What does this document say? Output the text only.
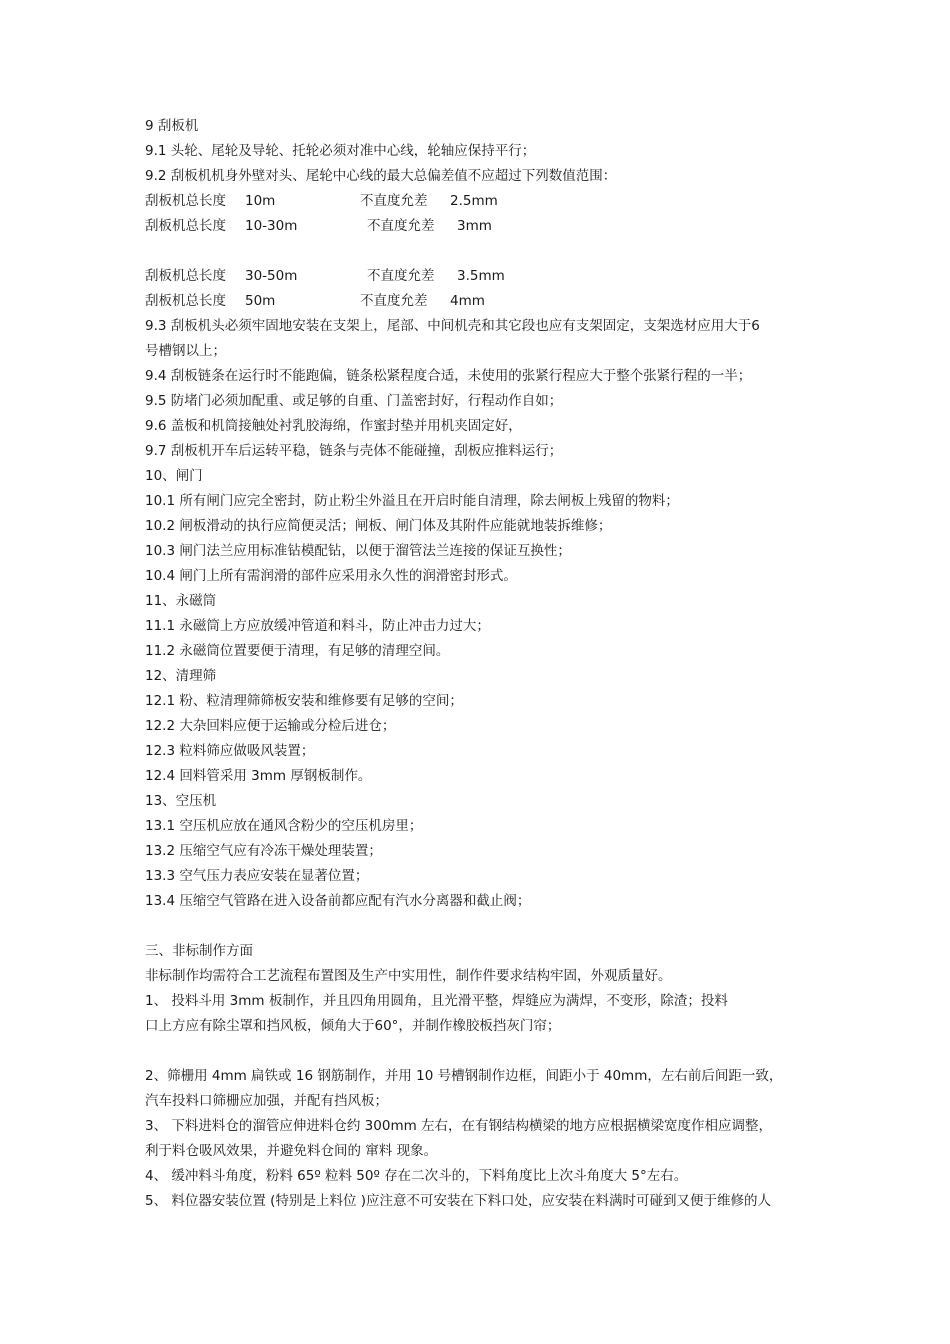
9 刮板机
9.1 头轮、尾轮及导轮、托轮必须对准中心线，轮轴应保持平行；
9.2 刮板机机身外壁对头、尾轮中心线的最大总偏差值不应超过下列数值范围：
刮板机总长度	10m	不直度允差	2.5mm
刮板机总长度	10-30m	不直度允差	3mm
刮板机总长度	30-50m	不直度允差	3.5mm
刮板机总长度	50m	不直度允差	4mm
9.3 刮板机头必须牢固地安装在支架上，尾部、中间机壳和其它段也应有支架固定，支架选材应用大于6
号槽钢以上；
9.4 刮板链条在运行时不能跑偏，链条松紧程度合适，未使用的张紧行程应大于整个张紧行程的一半；
9.5 防堵门必须加配重、或足够的自重、门盖密封好，行程动作自如；
9.6 盖板和机筒接触处衬乳胶海绵，作蜜封垫并用机夹固定好，
9.7 刮板机开车后运转平稳，链条与壳体不能碰撞，刮板应推料运行；
10、闸门
10.1 所有闸门应完全密封，防止粉尘外溢且在开启时能自清理，除去闸板上残留的物料；
10.2 闸板滑动的执行应简便灵活；闸板、闸门体及其附件应能就地装拆维修；
10.3 闸门法兰应用标准钻模配钻，以便于溜管法兰连接的保证互换性；
10.4 闸门上所有需润滑的部件应采用永久性的润滑密封形式。
11、永磁筒
11.1 永磁筒上方应放缓冲管道和料斗，防止冲击力过大；
11.2 永磁筒位置要便于清理，有足够的清理空间。
12、清理筛
12.1 粉、粒清理筛筛板安装和维修要有足够的空间；
12.2 大杂回料应便于运输或分检后进仓；
12.3 粒料筛应做吸风装置；
12.4 回料管采用 3mm 厚钢板制作。
13、空压机
13.1 空压机应放在通风含粉少的空压机房里；
13.2 压缩空气应有冷冻干燥处理装置；
13.3 空气压力表应安装在显著位置；
13.4 压缩空气管路在进入设备前都应配有汽水分离器和截止阀；
三、非标制作方面
非标制作均需符合工艺流程布置图及生产中实用性，制作件要求结构牢固，外观质量好。
1、 投料斗用 3mm 板制作，并且四角用圆角，且光滑平整，焊缝应为满焊，不变形，除渣；投料
口上方应有除尘罩和挡风板，倾角大于60°，并制作橡胶板挡灰门帘；
2、筛栅用 4mm 扁铁或 16 钢筋制作，并用 10 号槽钢制作边框，间距小于 40mm，左右前后间距一致，
汽车投料口筛栅应加强，并配有挡风板；
3、 下料进料仓的溜管应伸进料仓约 300mm 左右，在有钢结构横梁的地方应根据横梁宽度作相应调整，
利于料仓吸风效果，并避免料仓间的 窜料 现象。
4、 缓冲料斗角度，粉料 65º 粒料 50º 存在二次斗的，下料角度比上次斗角度大 5°左右。
5、 料位器安装位置 (特别是上料位 )应注意不可安装在下料口处，应安装在料满时可碰到又便于维修的人
